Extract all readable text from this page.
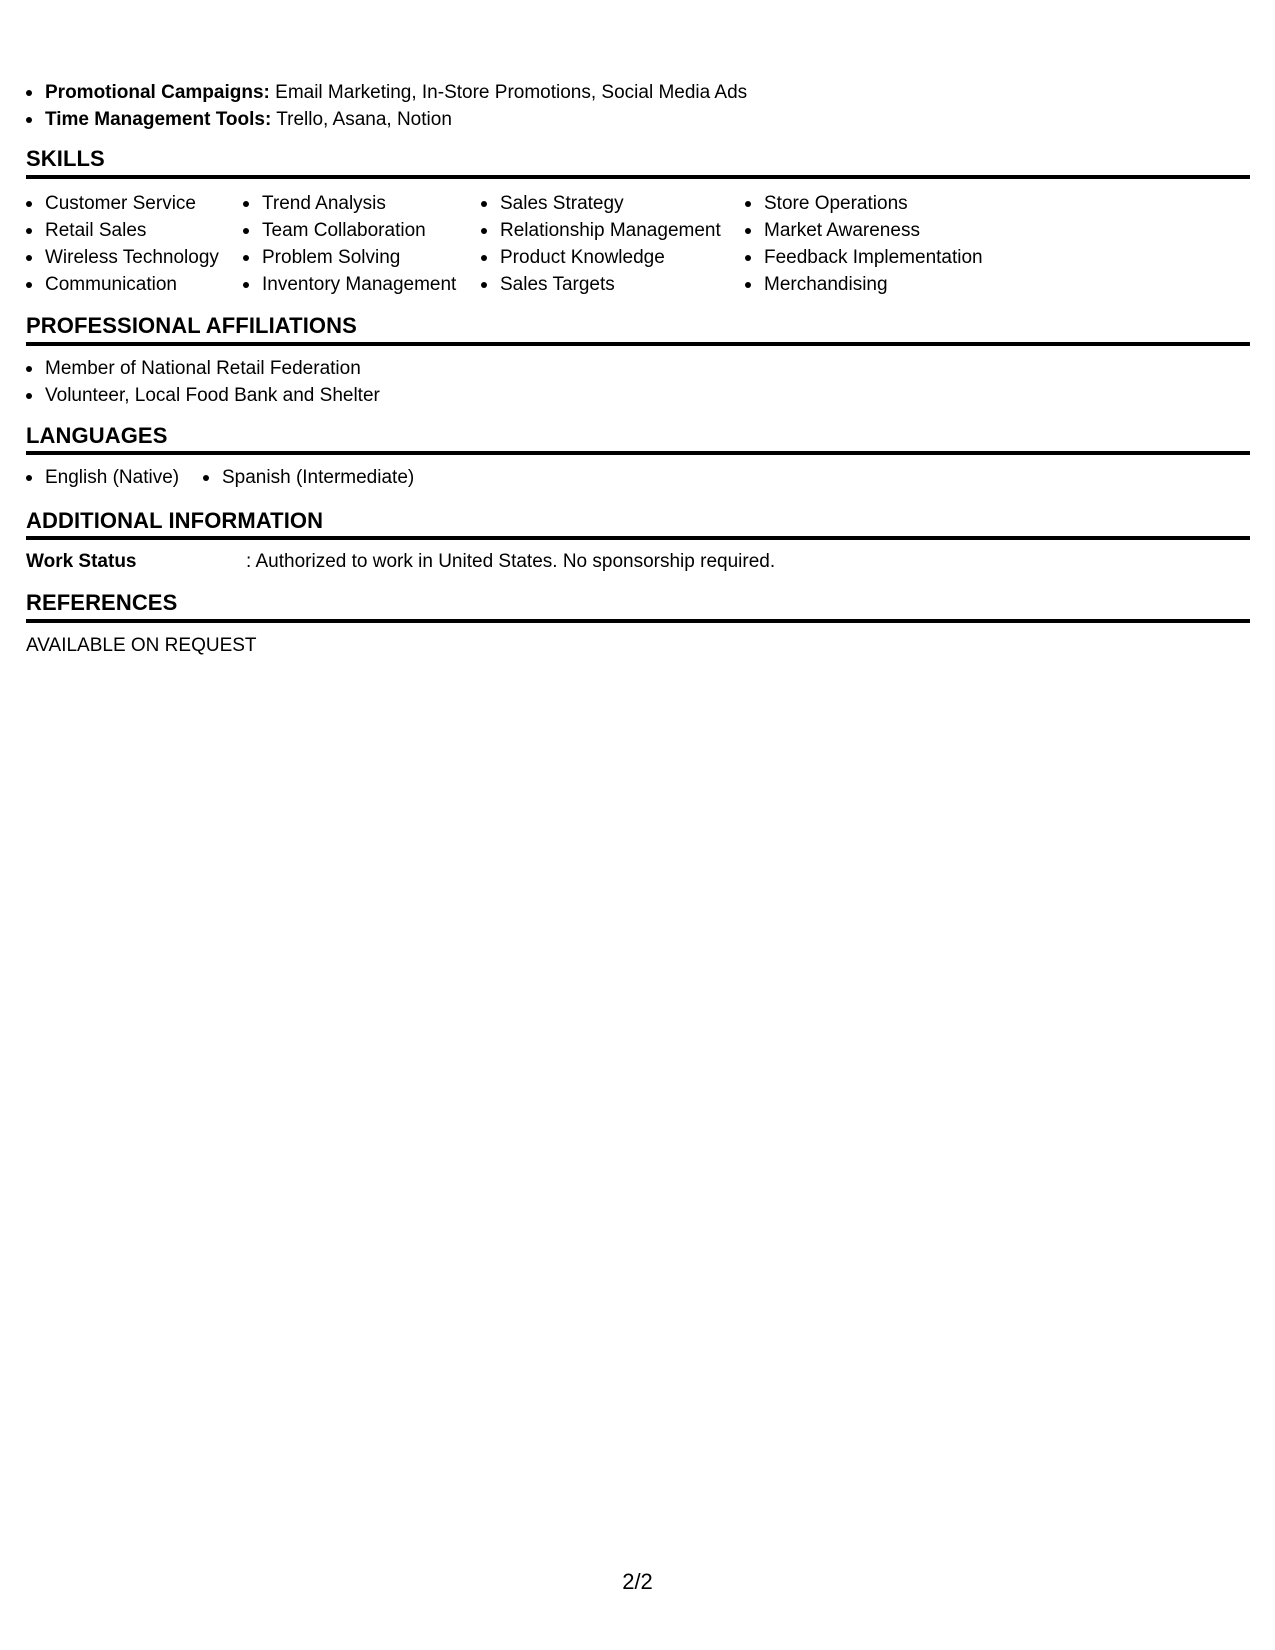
Promotional Campaigns: Email Marketing, In-Store Promotions, Social Media Ads
Time Management Tools: Trello, Asana, Notion
SKILLS
Customer Service
Retail Sales
Wireless Technology
Communication
Trend Analysis
Team Collaboration
Problem Solving
Inventory Management
Sales Strategy
Relationship Management
Product Knowledge
Sales Targets
Store Operations
Market Awareness
Feedback Implementation
Merchandising
PROFESSIONAL AFFILIATIONS
Member of National Retail Federation
Volunteer, Local Food Bank and Shelter
LANGUAGES
English (Native)	Spanish (Intermediate)
ADDITIONAL INFORMATION
Work Status	: Authorized to work in United States. No sponsorship required.
REFERENCES
AVAILABLE ON REQUEST
2/2
